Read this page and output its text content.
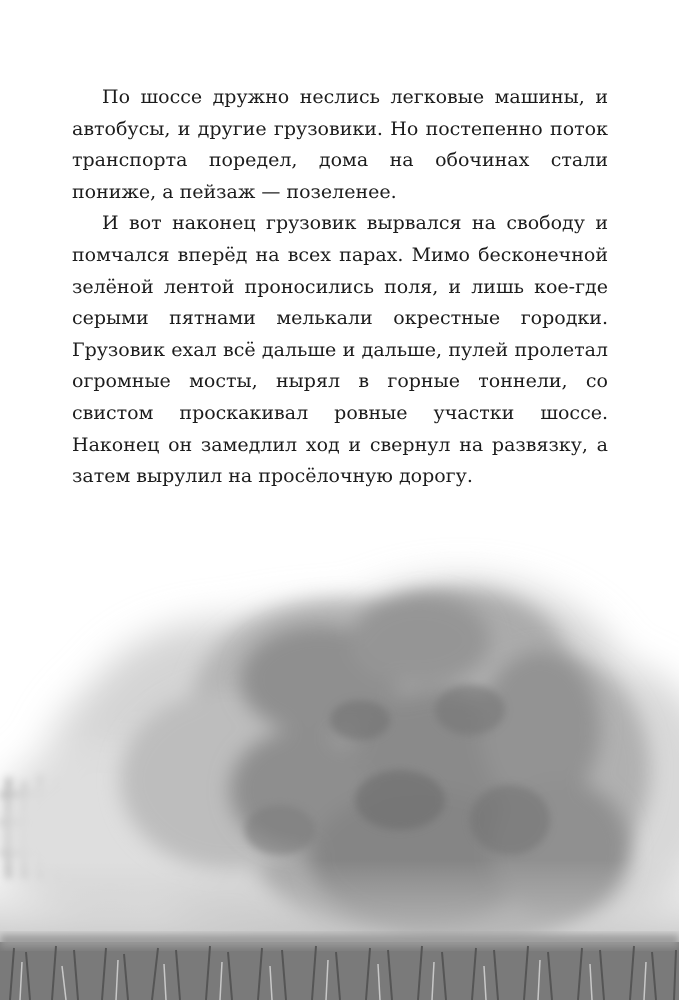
По шоссе дружно неслись легковые машины, и автобусы, и другие грузовики. Но постепенно поток транспорта поредел, дома на обочинах стали пониже, а пейзаж — позеленее.

И вот наконец грузовик вырвался на свободу и помчался вперёд на всех парах. Мимо бесконечной зелёной лентой проносились поля, и лишь кое-где серыми пятнами мелькали окрестные городки. Грузовик ехал всё дальше и дальше, пулей пролетал огромные мосты, нырял в горные тоннели, со свистом проскакивал ровные участки шоссе. Наконец он замедлил ход и свернул на развязку, а затем вырулил на просёлочную дорогу.
